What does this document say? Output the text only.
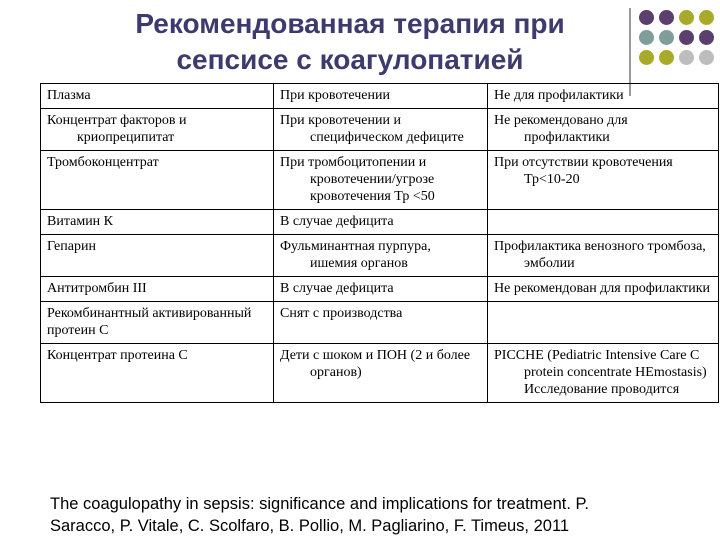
Рекомендованная терапия при
сепсисе с коагулопатией
Плазма	При кровотечении	Не для профилактики

Концентрат факторов и криопреципитат	При кровотечении и специфическом дефиците	Не рекомендовано для профилактики

Тромбоконцентрат	При тромбоцитопении и кровотечении/угрозе кровотечения Тр <50	При отсутствии кровотечения Тр<10-20

Витамин К	В случае дефицита	

Гепарин	Фульминантная пурпура, ишемия органов	Профилактика венозного тромбоза, эмболии

Антитромбин III	В случае дефицита	Не рекомендован для профилактики

Рекомбинантный активированный протеин С	Снят с производства	

Концентрат протеина С	Дети с шоком и ПОН (2 и более органов)	PICCHE (Pediatric Intensive Care C protein concentrate HEmostasis) Исследование проводится
The coagulopathy in sepsis: significance and implications for treatment. P.
Saracco, P. Vitale, C. Scolfaro, B. Pollio, M. Pagliarino, F. Timeus, 2011
